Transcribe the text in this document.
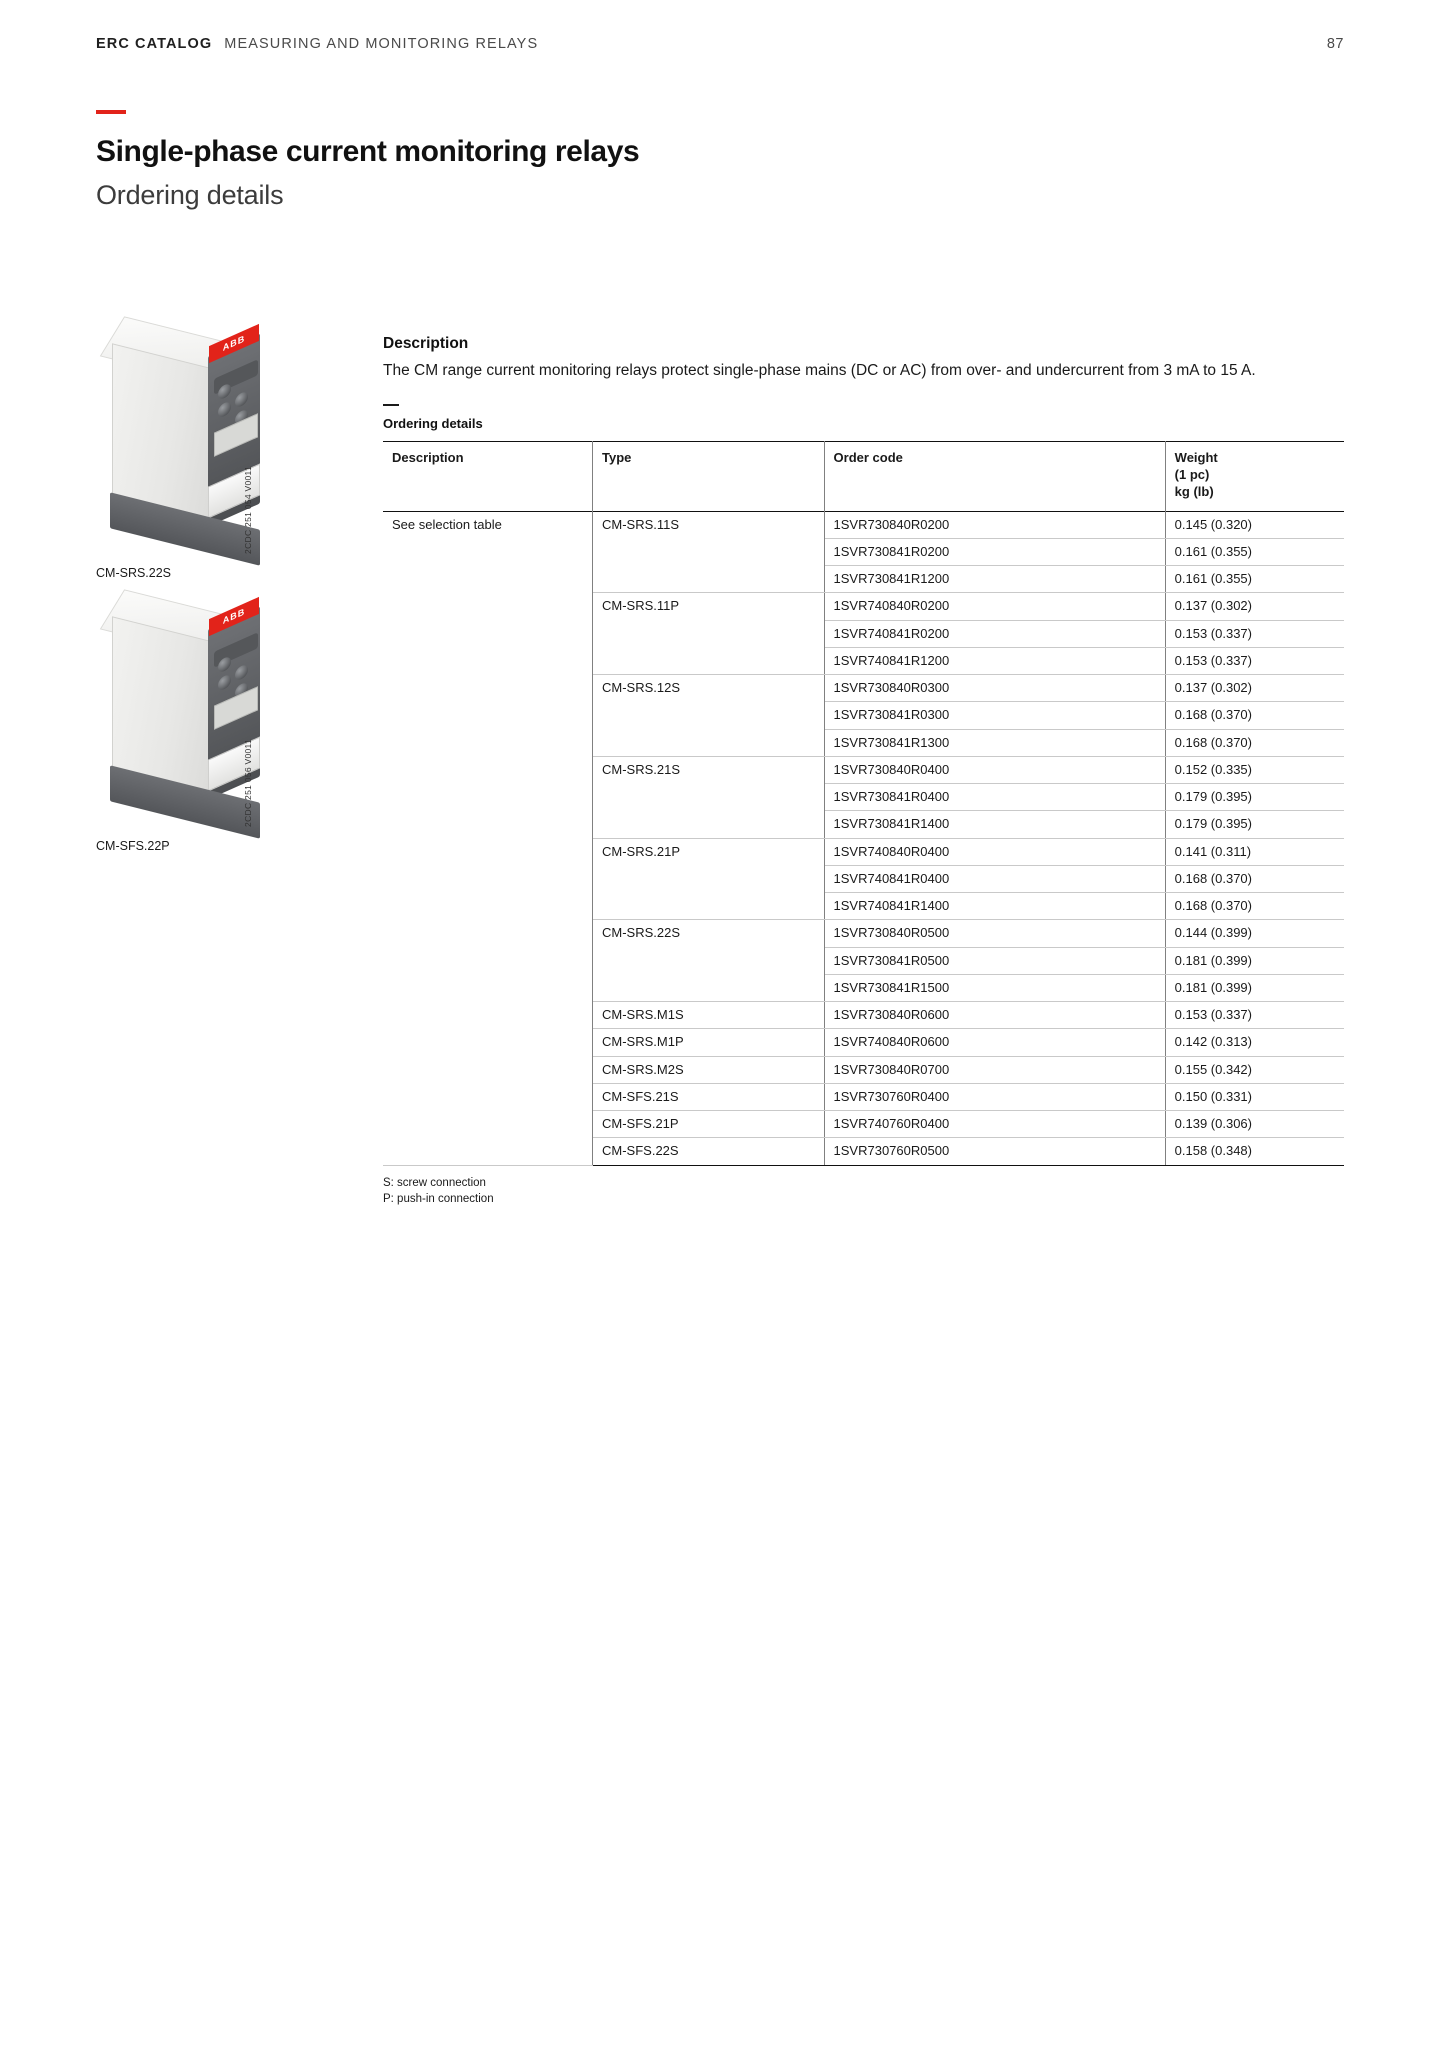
ERC CATALOG MEASURING AND MONITORING RELAYS	87
Single-phase current monitoring relays
Ordering details
ABB
2CDC 251 054 V0011
CM-SRS.22S
ABB
2CDC 251 056 V0011
CM-SFS.22P
Description

The CM range current monitoring relays protect single-phase mains (DC or AC) from over- and undercurrent from 3 mA to 15 A.

Ordering details
Description	Type	Order code	Weight
(1 pc)
kg (lb)

See selection table	CM-SRS.11S	1SVR730840R0200	0.145 (0.320)
		1SVR730841R0200	0.161 (0.355)
		1SVR730841R1200	0.161 (0.355)
	CM-SRS.11P	1SVR740840R0200	0.137 (0.302)
		1SVR740841R0200	0.153 (0.337)
		1SVR740841R1200	0.153 (0.337)
	CM-SRS.12S	1SVR730840R0300	0.137 (0.302)
		1SVR730841R0300	0.168 (0.370)
		1SVR730841R1300	0.168 (0.370)
	CM-SRS.21S	1SVR730840R0400	0.152 (0.335)
		1SVR730841R0400	0.179 (0.395)
		1SVR730841R1400	0.179 (0.395)
	CM-SRS.21P	1SVR740840R0400	0.141 (0.311)
		1SVR740841R0400	0.168 (0.370)
		1SVR740841R1400	0.168 (0.370)
	CM-SRS.22S	1SVR730840R0500	0.144 (0.399)
		1SVR730841R0500	0.181 (0.399)
		1SVR730841R1500	0.181 (0.399)
	CM-SRS.M1S	1SVR730840R0600	0.153 (0.337)
	CM-SRS.M1P	1SVR740840R0600	0.142 (0.313)
	CM-SRS.M2S	1SVR730840R0700	0.155 (0.342)
	CM-SFS.21S	1SVR730760R0400	0.150 (0.331)
	CM-SFS.21P	1SVR740760R0400	0.139 (0.306)
	CM-SFS.22S	1SVR730760R0500	0.158 (0.348)
S: screw connection
P: push-in connection
